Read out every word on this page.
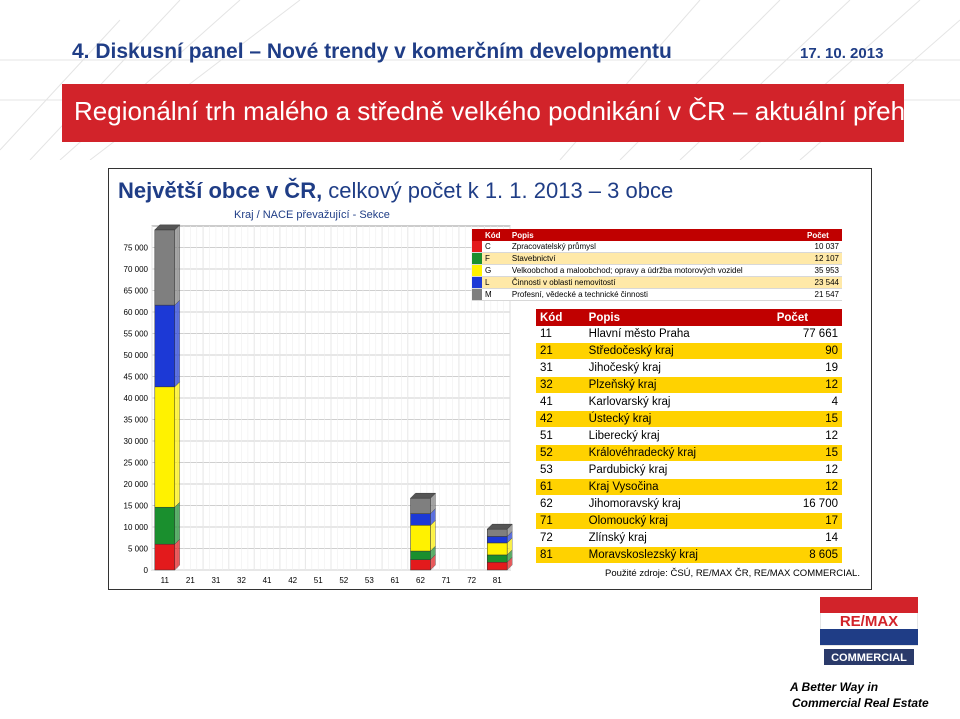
4. Diskusní panel – Nové trendy v komerčním developmentu	17. 10. 2013
Regionální trh malého a středně velkého podnikání v ČR – aktuální přehled
Největší obce v ČR, celkový počet k 1. 1. 2013 – 3 obce
Kraj / NACE převažující - Sekce
0
5 000
10 000
15 000
20 000
25 000
30 000
35 000
40 000
45 000
50 000
55 000
60 000
65 000
70 000
75 000
11 21 31 32 41 42 51 52 53 61 62 71 72 81
	Kód	Popis	Počet
	C	Zpracovatelský průmysl	10 037
	F	Stavebnictví	12 107
	G	Velkoobchod a maloobchod; opravy a údržba motorových vozidel	35 953
	L	Činnosti v oblasti nemovitostí	23 544
	M	Profesní, vědecké a technické činnosti	21 547
Kód	Popis	Počet
11	Hlavní město Praha	77 661
21	Středočeský kraj	90
31	Jihočeský kraj	19
32	Plzeňský kraj	12
41	Karlovarský kraj	4
42	Ústecký kraj	15
51	Liberecký kraj	12
52	Královéhradecký kraj	15
53	Pardubický kraj	12
61	Kraj Vysočina	12
62	Jihomoravský kraj	16 700
71	Olomoucký kraj	17
72	Zlínský kraj	14
81	Moravskoslezský kraj	8 605
Použité zdroje: ČSÚ, RE/MAX ČR, RE/MAX COMMERCIAL.
RE/MAX
COMMERCIAL
A Better Way in
Commercial Real Estate
